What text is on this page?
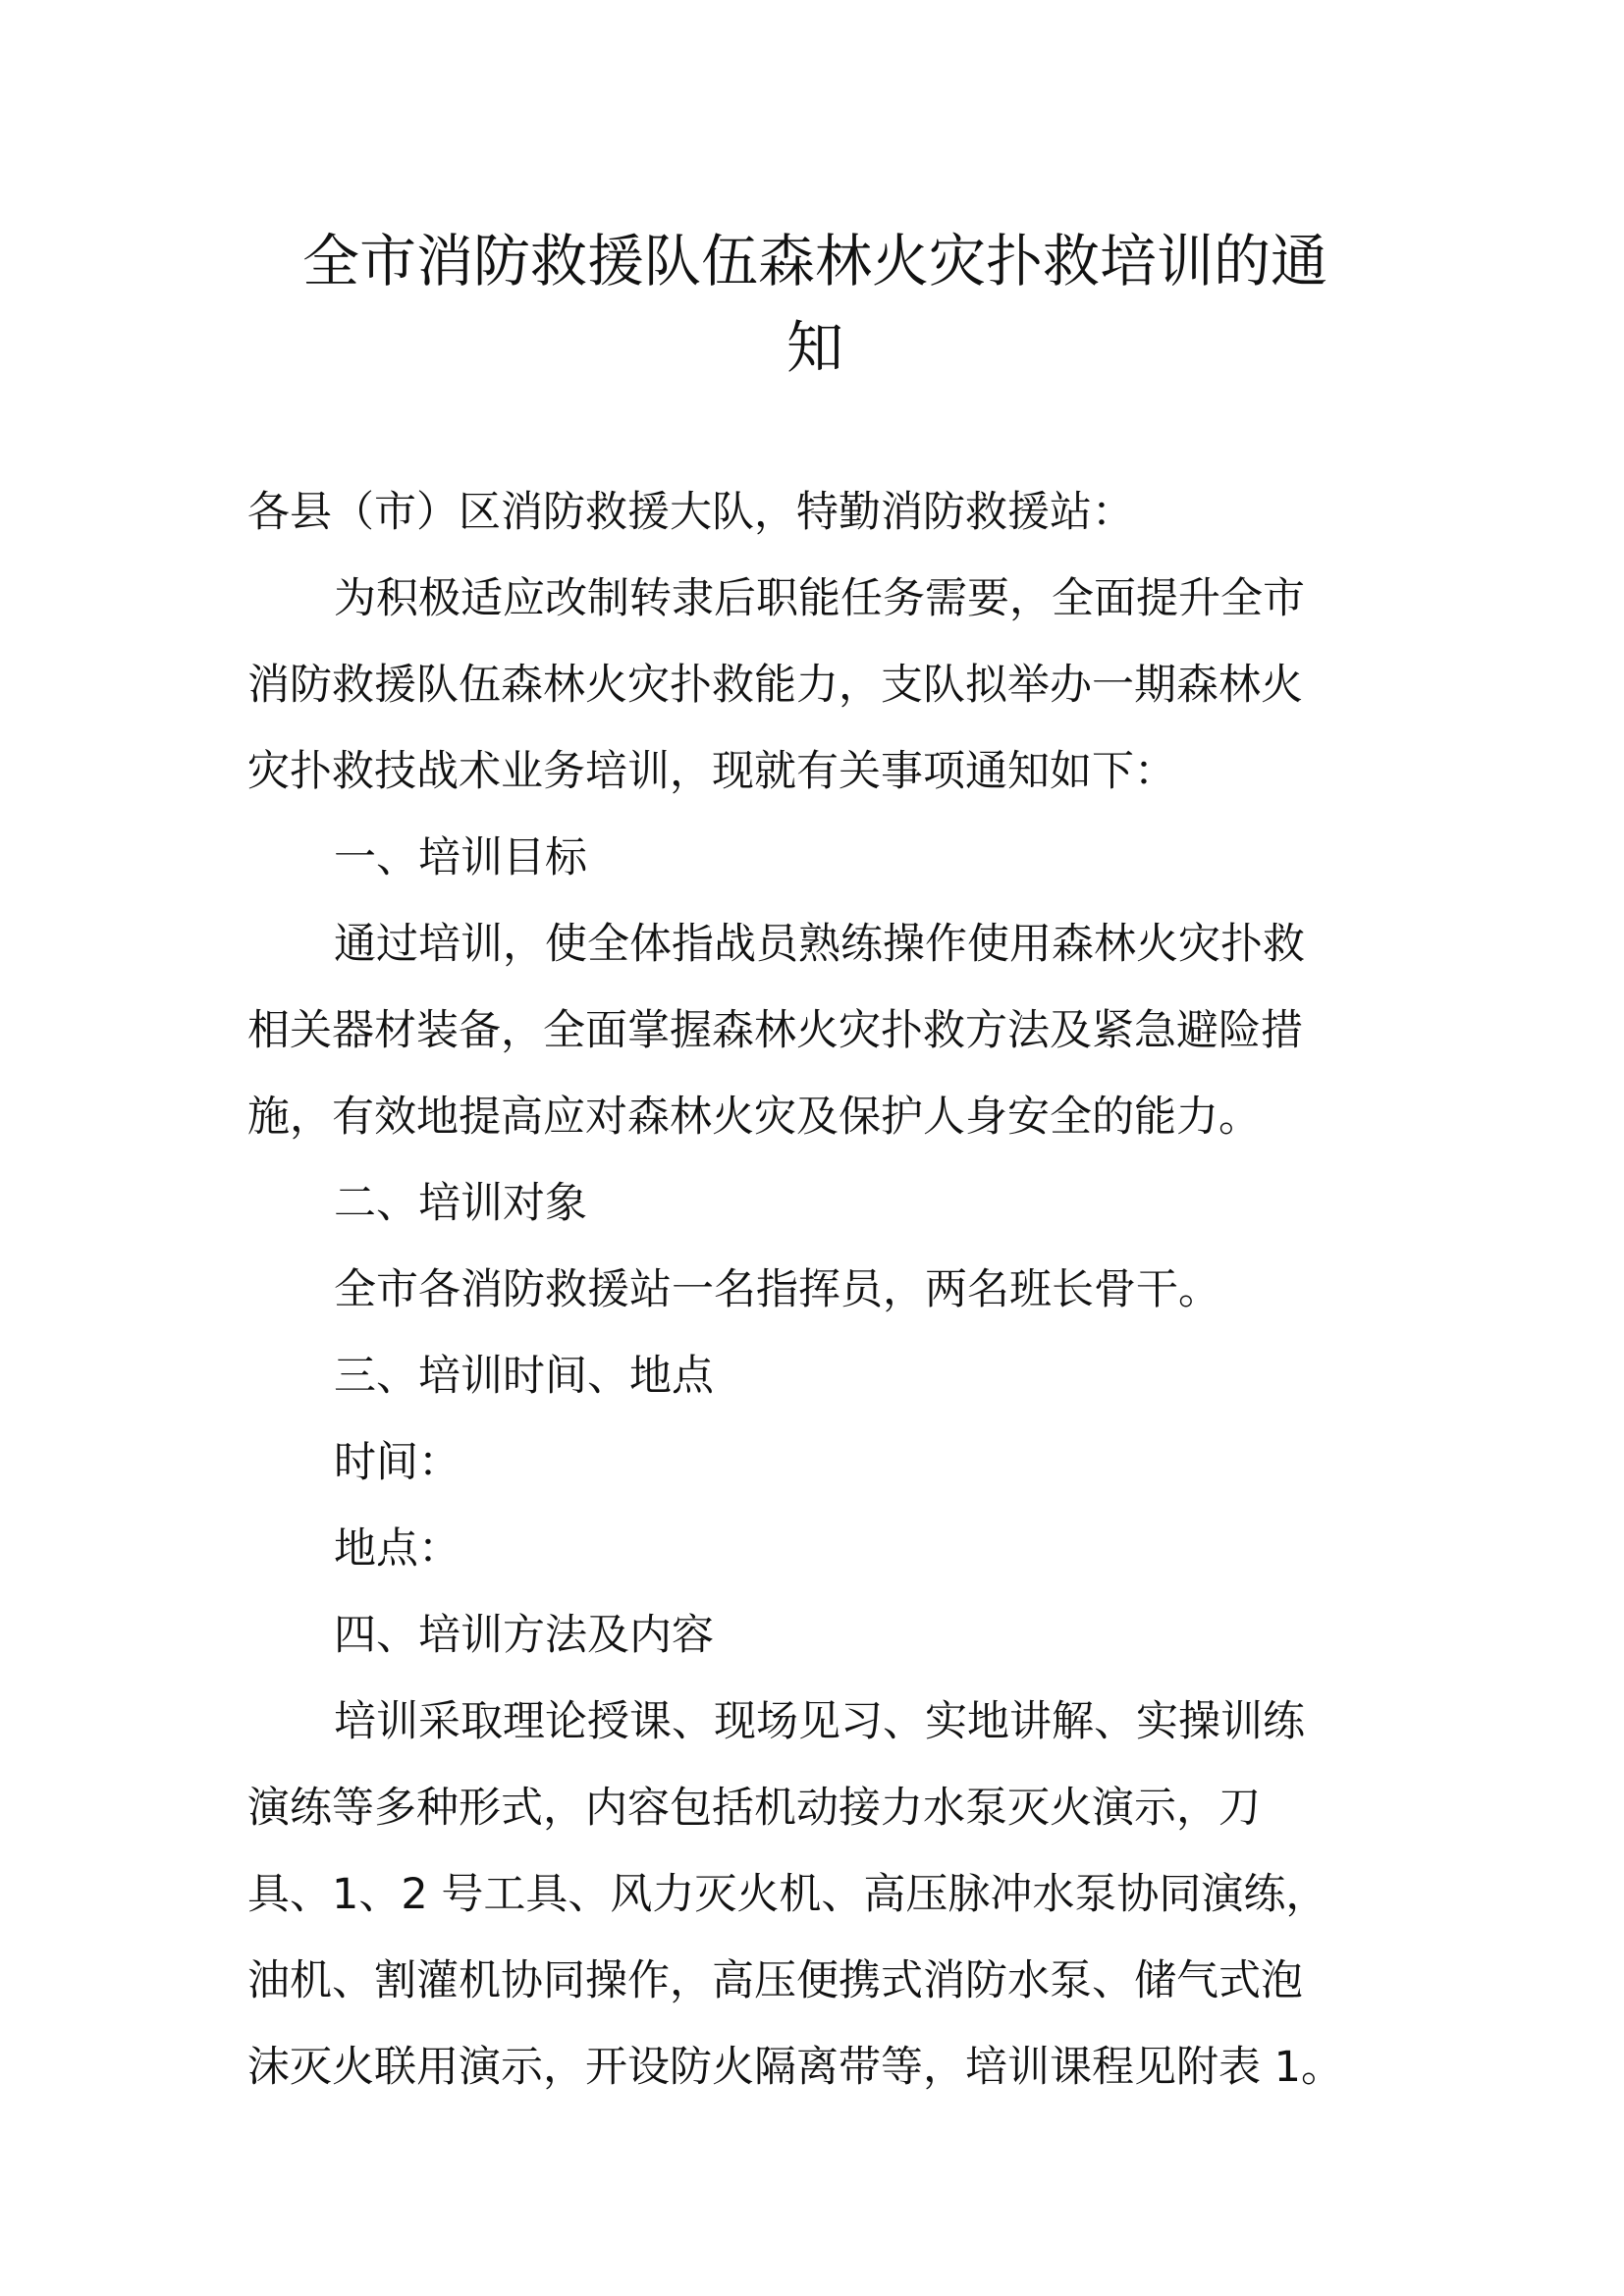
全市消防救援队伍森林火灾扑救培训的通
知
各县（市）区消防救援大队，特勤消防救援站：
为积极适应改制转隶后职能任务需要，全面提升全市
消防救援队伍森林火灾扑救能力，支队拟举办一期森林火
灾扑救技战术业务培训，现就有关事项通知如下：
一、培训目标
通过培训，使全体指战员熟练操作使用森林火灾扑救
相关器材装备，全面掌握森林火灾扑救方法及紧急避险措
施，有效地提高应对森林火灾及保护人身安全的能力。
二、培训对象
全市各消防救援站一名指挥员，两名班长骨干。
三、培训时间、地点
时间：
地点：
四、培训方法及内容
培训采取理论授课、现场见习、实地讲解、实操训练
演练等多种形式，内容包括机动接力水泵灭火演示，刀
具、1、2 号工具、风力灭火机、高压脉冲水泵协同演练，
油机、割灌机协同操作，高压便携式消防水泵、储气式泡
沫灭火联用演示，开设防火隔离带等，培训课程见附表 1。
